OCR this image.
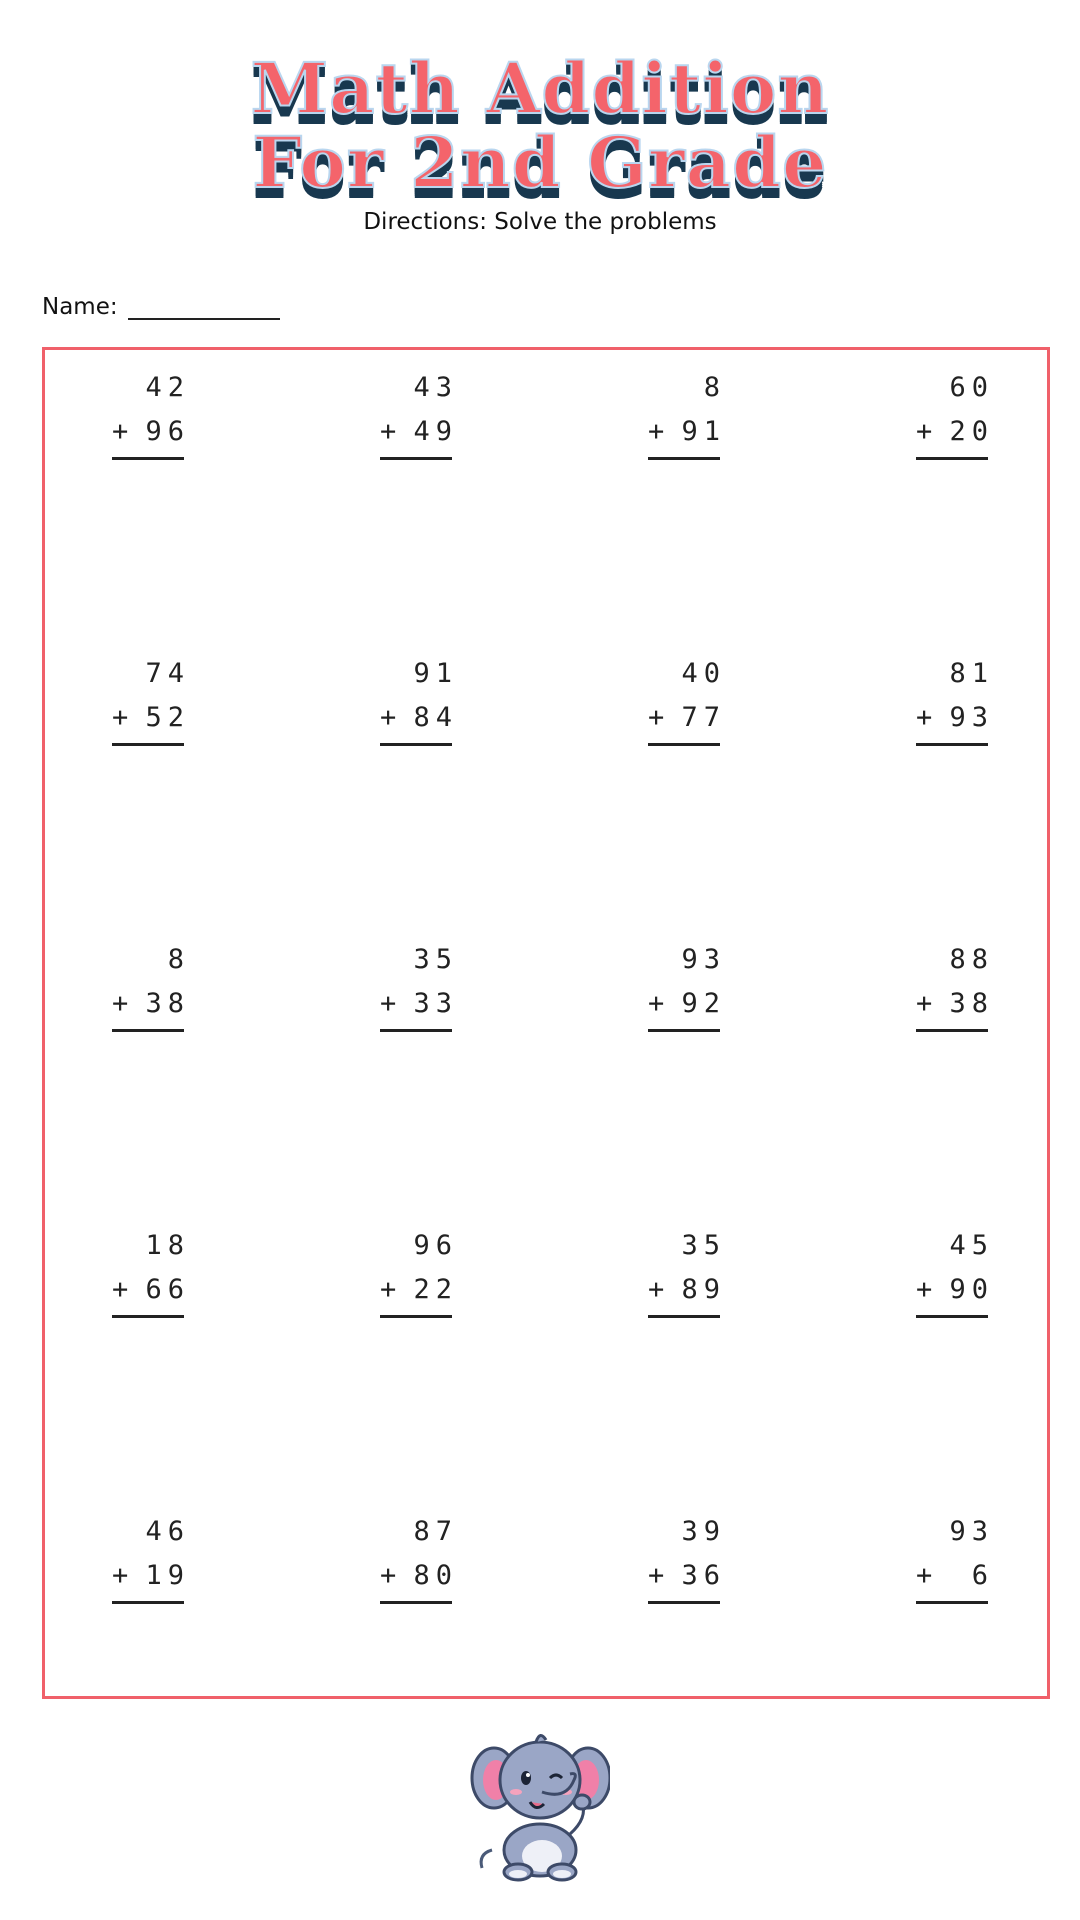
Math Addition
For 2nd Grade
Directions: Solve the problems
Name:
42
+ 96
43
+ 49
8
+ 91
60
+ 20
74
+ 52
91
+ 84
40
+ 77
81
+ 93
8
+ 38
35
+ 33
93
+ 92
88
+ 38
18
+ 66
96
+ 22
35
+ 89
45
+ 90
46
+ 19
87
+ 80
39
+ 36
93
+ 6
